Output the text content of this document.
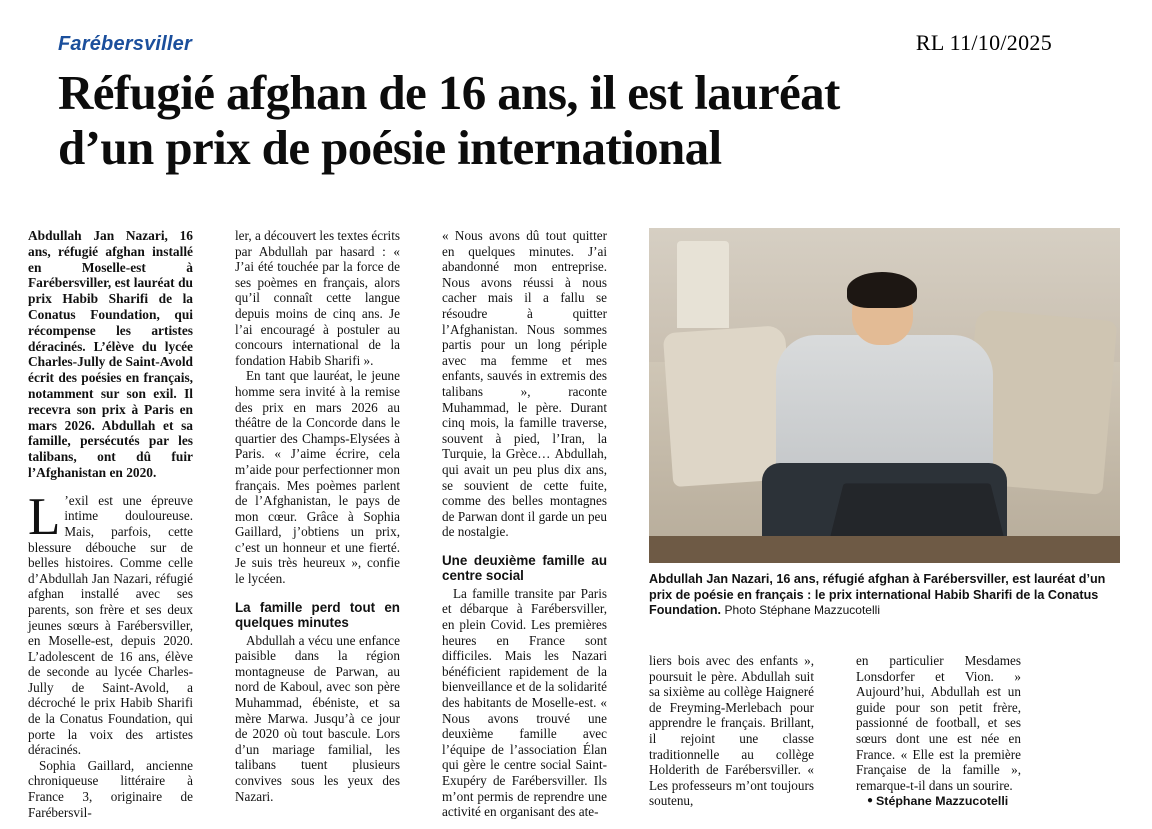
Farébersviller	RL 11/10/2025
Réfugié afghan de 16 ans, il est lauréat
d’un prix de poésie international

Abdullah Jan Nazari, 16 ans, réfugié afghan installé en Moselle-est à Farébersviller, est lauréat du prix Habib Sharifi de la Conatus Foundation, qui récompense les artistes déracinés. L’élève du lycée Charles-Jully de Saint-Avold écrit des poésies en français, notamment sur son exil. Il recevra son prix à Paris en mars 2026. Abdullah et sa famille, persécutés par les talibans, ont dû fuir l’Afghanistan en 2020.

L ’exil est une épreuve intime douloureuse. Mais, parfois, cette blessure débouche sur de belles histoires. Comme celle d’Abdullah Jan Nazari, réfugié afghan installé avec ses parents, son frère et ses deux jeunes sœurs à Farébersviller, en Moselle-est, depuis 2020. L’adolescent de 16 ans, élève de seconde au lycée Charles-Jully de Saint-Avold, a décroché le prix Habib Sharifi de la Conatus Foundation, qui porte la voix des artistes déracinés.

Sophia Gaillard, ancienne chroniqueuse littéraire à France 3, originaire de Farébersvil-

ler, a découvert les textes écrits par Abdullah par hasard : « J’ai été touchée par la force de ses poèmes en français, alors qu’il connaît cette langue depuis moins de cinq ans. Je l’ai encouragé à postuler au concours international de la fondation Habib Sharifi ».

En tant que lauréat, le jeune homme sera invité à la remise des prix en mars 2026 au théâtre de la Concorde dans le quartier des Champs-Elysées à Paris. « J’aime écrire, cela m’aide pour perfectionner mon français. Mes poèmes parlent de l’Afghanistan, le pays de mon cœur. Grâce à Sophia Gaillard, j’obtiens un prix, c’est un honneur et une fierté. Je suis très heureux », confie le lycéen.

La famille perd tout en quelques minutes

Abdullah a vécu une enfance paisible dans la région montagneuse de Parwan, au nord de Kaboul, avec son père Muhammad, ébéniste, et sa mère Marwa. Jusqu’à ce jour de 2020 où tout bascule. Lors d’un mariage familial, les talibans tuent plusieurs convives sous les yeux des Nazari.

« Nous avons dû tout quitter en quelques minutes. J’ai abandonné mon entreprise. Nous avons réussi à nous cacher mais il a fallu se résoudre à quitter l’Afghanistan. Nous sommes partis pour un long périple avec ma femme et mes enfants, sauvés in extremis des talibans », raconte Muhammad, le père. Durant cinq mois, la famille traverse, souvent à pied, l’Iran, la Turquie, la Grèce… Abdullah, qui avait un peu plus dix ans, se souvient de cette fuite, comme des belles montagnes de Parwan dont il garde un peu de nostalgie.

Une deuxième famille au centre social

La famille transite par Paris et débarque à Farébersviller, en plein Covid. Les premières heures en France sont difficiles. Mais les Nazari bénéficient rapidement de la bienveillance et de la solidarité des habitants de Moselle-est. « Nous avons trouvé une deuxième famille avec l’équipe de l’association Élan qui gère le centre social Saint-Exupéry de Farébersviller. Ils m’ont permis de reprendre une activité en organisant des ate-

Abdullah Jan Nazari, 16 ans, réfugié afghan à Farébersviller, est lauréat d’un prix de poésie en français : le prix international Habib Sharifi de la Conatus Foundation. Photo Stéphane Mazzucotelli

liers bois avec des enfants », poursuit le père. Abdullah suit sa sixième au collège Haigneré de Freyming-Merlebach pour apprendre le français. Brillant, il rejoint une classe traditionnelle au collège Holderith de Farébersviller. « Les professeurs m’ont toujours soutenu,

en particulier Mesdames Lonsdorfer et Vion. » Aujourd’hui, Abdullah est un guide pour son petit frère, passionné de football, et ses sœurs dont une est née en France. « Elle est la première Française de la famille », remarque-t-il dans un sourire.

● Stéphane Mazzucotelli
